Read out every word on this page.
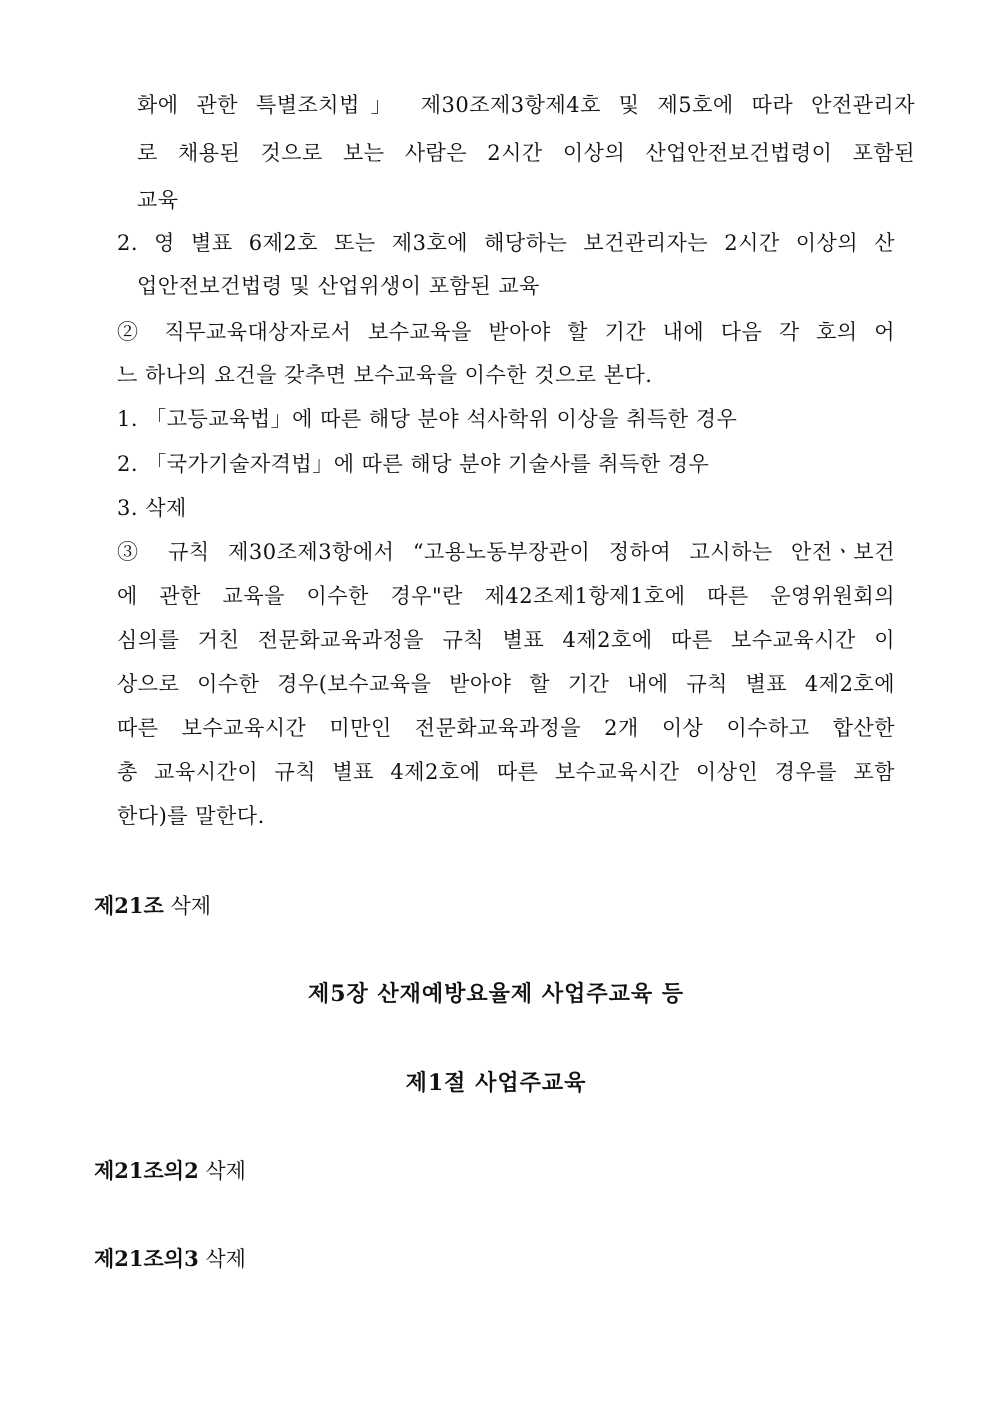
화에 관한 특별조치법」 제30조제3항제4호 및 제5호에 따라 안전관리자
로 채용된 것으로 보는 사람은 2시간 이상의 산업안전보건법령이 포함된
교육
2. 영 별표 6제2호 또는 제3호에 해당하는 보건관리자는 2시간 이상의 산
업안전보건법령 및 산업위생이 포함된 교육
② 직무교육대상자로서 보수교육을 받아야 할 기간 내에 다음 각 호의 어
느 하나의 요건을 갖추면 보수교육을 이수한 것으로 본다.
1. 「고등교육법」에 따른 해당 분야 석사학위 이상을 취득한 경우
2. 「국가기술자격법」에 따른 해당 분야 기술사를 취득한 경우
3. 삭제
③ 규칙 제30조제3항에서 “고용노동부장관이 정하여 고시하는 안전ㆍ보건
에 관한 교육을 이수한 경우"란 제42조제1항제1호에 따른 운영위원회의
심의를 거친 전문화교육과정을 규칙 별표 4제2호에 따른 보수교육시간 이
상으로 이수한 경우(보수교육을 받아야 할 기간 내에 규칙 별표 4제2호에
따른 보수교육시간 미만인 전문화교육과정을 2개 이상 이수하고 합산한
총 교육시간이 규칙 별표 4제2호에 따른 보수교육시간 이상인 경우를 포함
한다)를 말한다.
제21조 삭제
제5장 산재예방요율제 사업주교육 등
제1절 사업주교육
제21조의2 삭제
제21조의3 삭제
